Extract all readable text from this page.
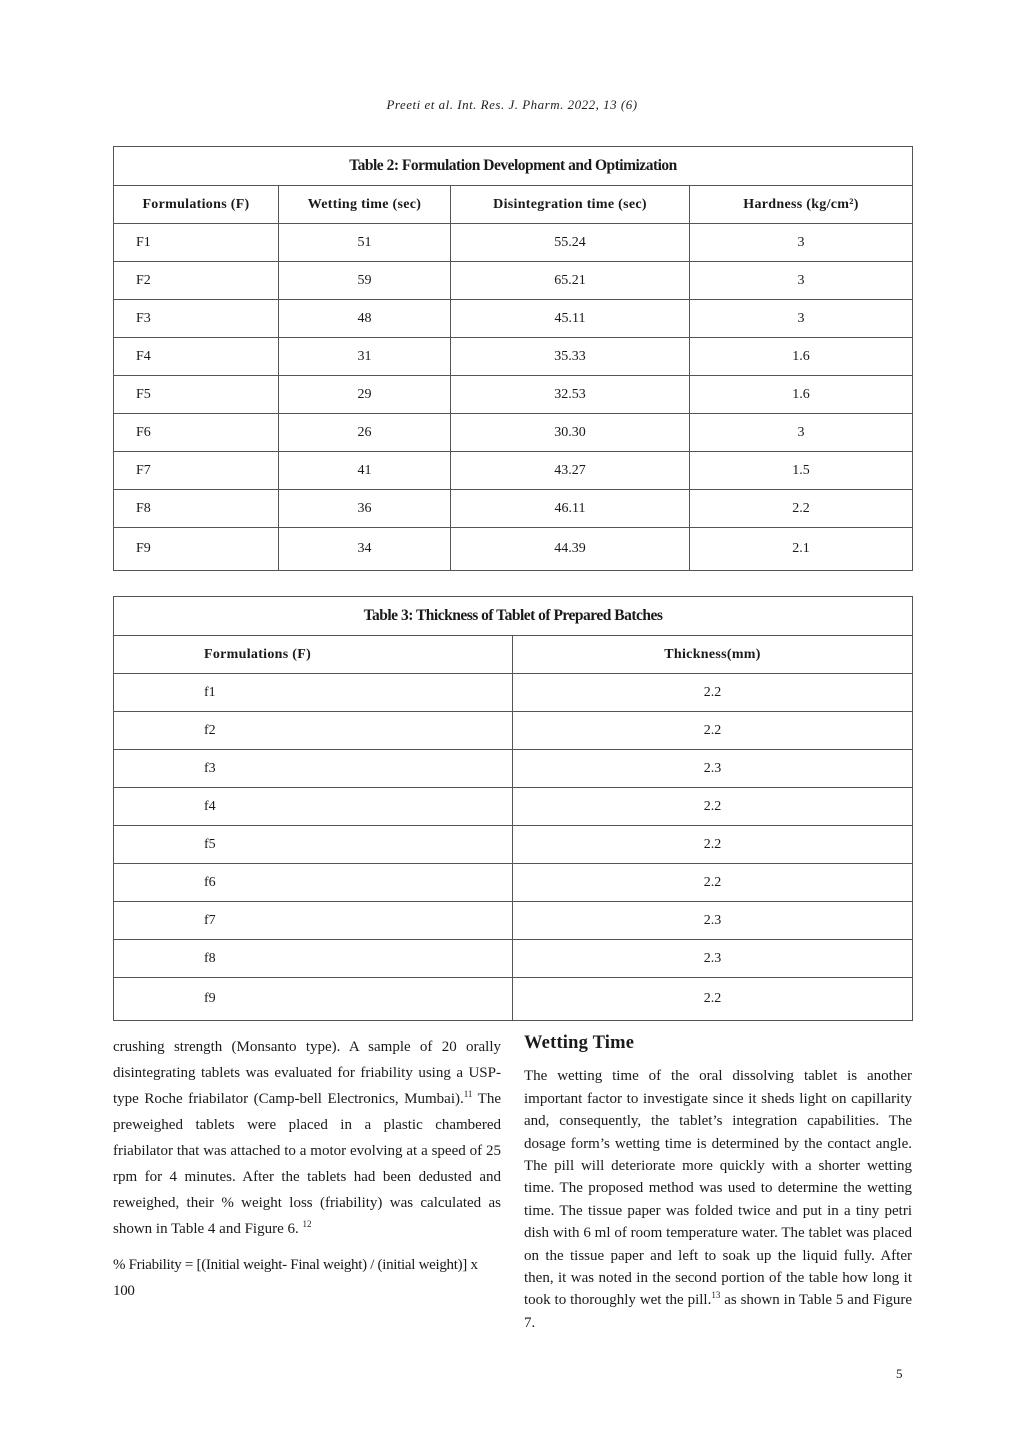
Preeti et al. Int. Res. J. Pharm. 2022, 13 (6)
Table 2: Formulation Development and Optimization			
Formulations (F)	Wetting time (sec)	Disintegration time (sec)	Hardness (kg/cm²)
F1	51	55.24	3
F2	59	65.21	3
F3	48	45.11	3
F4	31	35.33	1.6
F5	29	32.53	1.6
F6	26	30.30	3
F7	41	43.27	1.5
F8	36	46.11	2.2
F9	34	44.39	2.1
Table 3: Thickness of Tablet of Prepared Batches	
Formulations (F)	Thickness(mm)
f1	2.2
f2	2.2
f3	2.3
f4	2.2
f5	2.2
f6	2.2
f7	2.3
f8	2.3
f9	2.2

crushing strength (Monsanto type). A sample of 20 orally disintegrating tablets was evaluated for friability using a USP-type Roche friabilator (Camp-bell Electronics, Mumbai).$^{11}$ The preweighed tablets were placed in a plastic chambered friabilator that was attached to a motor evolving at a speed of 25 rpm for 4 minutes. After the tablets had been dedusted and reweighed, their % weight loss (friability) was calculated as shown in Table 4 and Figure 6. $^{12}$

% Friability = [(Initial weight- Final weight) / (initial weight)] x 100

Wetting Time

The wetting time of the oral dissolving tablet is another important factor to investigate since it sheds light on capillarity and, consequently, the tablet’s integration capabilities. The dosage form’s wetting time is determined by the contact angle. The pill will deteriorate more quickly with a shorter wetting time. The proposed method was used to determine the wetting time. The tissue paper was folded twice and put in a tiny petri dish with 6 ml of room temperature water. The tablet was placed on the tissue paper and left to soak up the liquid fully. After then, it was noted in the second portion of the table how long it took to thoroughly wet the pill.$^{13}$ as shown in Table 5 and Figure 7.

5
